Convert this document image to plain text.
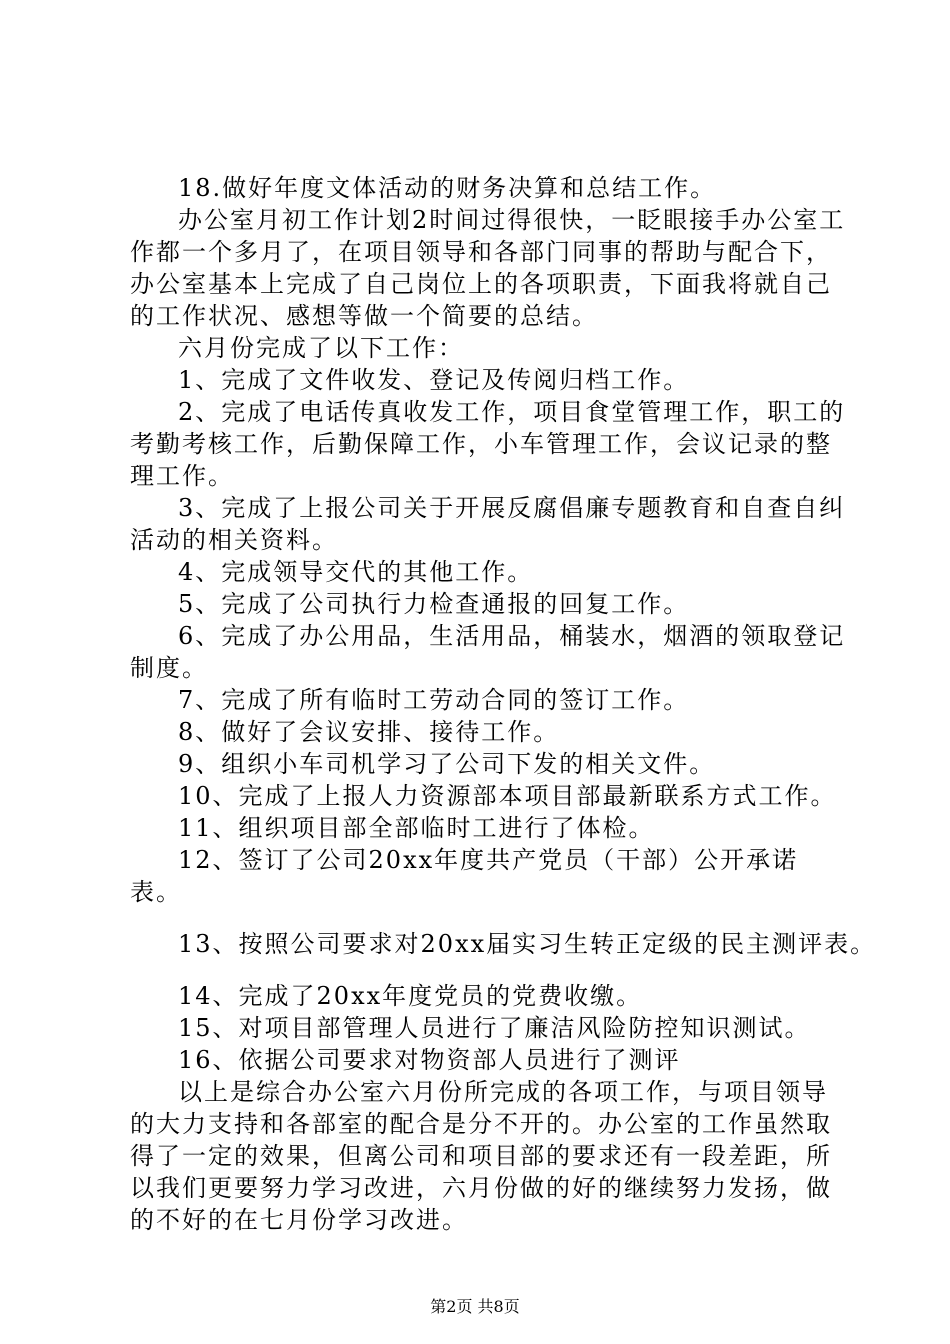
18.做好年度文体活动的财务决算和总结工作。

办公室月初工作计划2时间过得很快，一眨眼接手办公室工作都一个多月了，在项目领导和各部门同事的帮助与配合下，办公室基本上完成了自己岗位上的各项职责，下面我将就自己的工作状况、感想等做一个简要的总结。

六月份完成了以下工作：

1、完成了文件收发、登记及传阅归档工作。

2、完成了电话传真收发工作，项目食堂管理工作，职工的考勤考核工作，后勤保障工作，小车管理工作，会议记录的整理工作。

3、完成了上报公司关于开展反腐倡廉专题教育和自查自纠活动的相关资料。

4、完成领导交代的其他工作。

5、完成了公司执行力检查通报的回复工作。

6、完成了办公用品，生活用品，桶装水，烟酒的领取登记制度。

7、完成了所有临时工劳动合同的签订工作。

8、做好了会议安排、接待工作。

9、组织小车司机学习了公司下发的相关文件。

10、完成了上报人力资源部本项目部最新联系方式工作。

11、组织项目部全部临时工进行了体检。

12、签订了公司20xx年度共产党员（干部）公开承诺表。

13、按照公司要求对20xx届实习生转正定级的民主测评表。

14、完成了20xx年度党员的党费收缴。

15、对项目部管理人员进行了廉洁风险防控知识测试。

16、依据公司要求对物资部人员进行了测评

以上是综合办公室六月份所完成的各项工作，与项目领导的大力支持和各部室的配合是分不开的。办公室的工作虽然取得了一定的效果，但离公司和项目部的要求还有一段差距，所以我们更要努力学习改进，六月份做的好的继续努力发扬，做的不好的在七月份学习改进。

第2页 共8页
